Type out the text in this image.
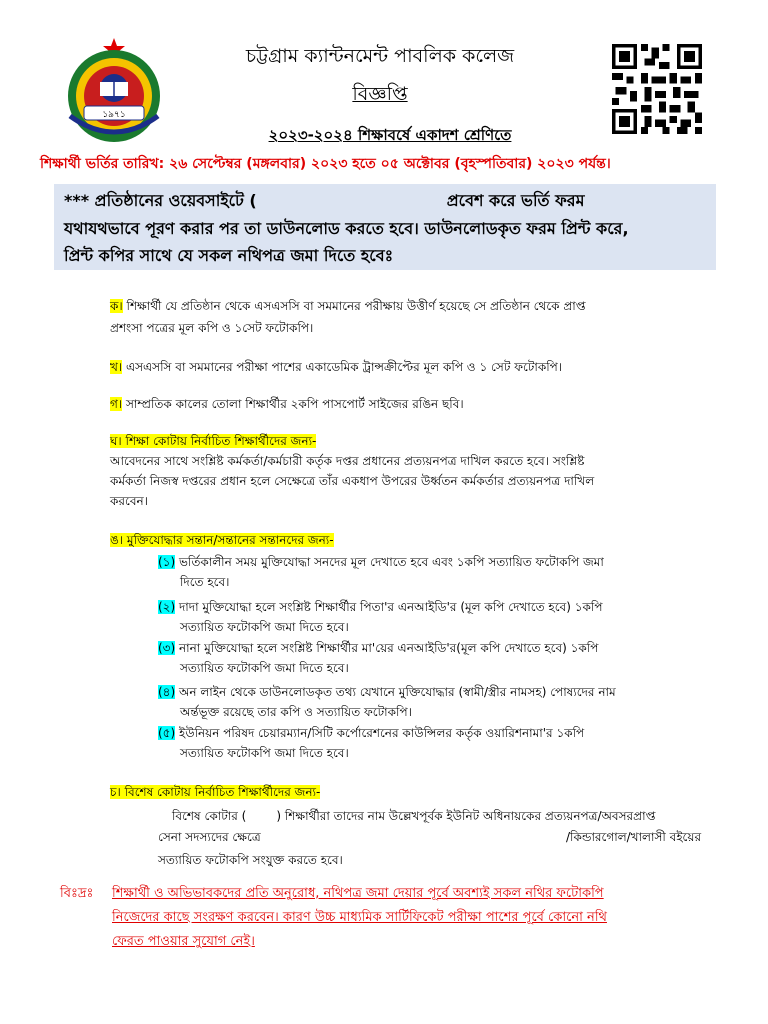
১৯৭১
চট্টগ্রাম ক্যান্টনমেন্ট পাবলিক কলেজ
বিজ্ঞপ্তি
২০২৩-২০২৪ শিক্ষাবর্ষে একাদশ শ্রেণিতে
শিক্ষার্থী ভর্তির তারিখ: ২৬ সেপ্টেম্বর (মঙ্গলবার) ২০২৩ হতে ০৫ অক্টোবর (বৃহস্পতিবার) ২০২৩ পর্যন্ত।
*** প্রতিষ্ঠানের ওয়েবসাইটে (	প্রবেশ করে ভর্তি ফরম
যথাযথভাবে পূরণ করার পর তা ডাউনলোড করতে হবে। ডাউনলোডকৃত ফরম প্রিন্ট করে,
প্রিন্ট কপির সাথে যে সকল নথিপত্র জমা দিতে হবেঃ
ক। শিক্ষার্থী যে প্রতিষ্ঠান থেকে এসএসসি বা সমমানের পরীক্ষায় উত্তীর্ণ হয়েছে সে প্রতিষ্ঠান থেকে প্রাপ্ত
প্রশংসা পত্রের মূল কপি ও ১সেট ফটোকপি।
খ। এসএসসি বা সমমানের পরীক্ষা পাশের একাডেমিক ট্রান্সক্রীপ্টের মূল কপি ও ১ সেট ফটোকপি।
গ। সাম্প্রতিক কালের তোলা শিক্ষার্থীর ২কপি পাসপোর্ট সাইজের রঙিন ছবি।
ঘ। শিক্ষা কোটায় নির্বাচিত শিক্ষার্থীদের জন্য-
আবেদনের সাথে সংশ্লিষ্ট কর্মকর্তা/কর্মচারী কর্তৃক দপ্তর প্রধানের প্রত্যয়নপত্র দাখিল করতে হবে। সংশ্লিষ্ট
কর্মকর্তা নিজস্ব দপ্তরের প্রধান হলে সেক্ষেত্রে তাঁর একধাপ উপরের উর্ধ্বতন কর্মকর্তার প্রত্যয়নপত্র দাখিল
করবেন।
ঙ। মুক্তিযোদ্ধার সন্তান/সন্তানের সন্তানদের জন্য-
(১) ভর্তিকালীন সময় মুক্তিযোদ্ধা সনদের মূল দেখাতে হবে এবং ১কপি সত্যায়িত ফটোকপি জমা
দিতে হবে।
(২) দাদা মুক্তিযোদ্ধা হলে সংশ্লিষ্ট শিক্ষার্থীর পিতা'র এনআইডি'র (মূল কপি দেখাতে হবে) ১কপি
সত্যায়িত ফটোকপি জমা দিতে হবে।
(৩) নানা মুক্তিযোদ্ধা হলে সংশ্লিষ্ট শিক্ষার্থীর মা'য়ের এনআইডি'র(মূল কপি দেখাতে হবে) ১কপি
সত্যায়িত ফটোকপি জমা দিতে হবে।
(৪) অন লাইন থেকে ডাউনলোডকৃত তথ্য যেখানে মুক্তিযোদ্ধার (স্বামী/স্ত্রীর নামসহ) পোষ্যদের নাম
অর্ন্তভূক্ত রয়েছে তার কপি ও সত্যায়িত ফটোকপি।
(৫) ইউনিয়ন পরিষদ চেয়ারম্যান/সিটি কর্পোরেশনের কাউন্সিলর কর্তৃক ওয়ারিশনামা'র ১কপি
সত্যায়িত ফটোকপি জমা দিতে হবে।
চ। বিশেষ কোটায় নির্বাচিত শিক্ষার্থীদের জন্য-
বিশেষ কোটার (	) শিক্ষার্থীরা তাদের নাম উল্লেখপূর্বক ইউনিট অধিনায়কের প্রত্যয়নপত্র/অবসরপ্রাপ্ত
সেনা সদস্যদের ক্ষেত্রে	/কিন্ডারগোল/খালাসী বইয়ের
সত্যায়িত ফটোকপি সংযুক্ত করতে হবে।
বিঃদ্রঃ শিক্ষার্থী ও অভিভাবকদের প্রতি অনুরোধ, নথিপত্র জমা দেয়ার পূর্বে অবশ্যই সকল নথির ফটোকপি
নিজেদের কাছে সংরক্ষণ করবেন। কারণ উচ্চ মাধ্যমিক সার্টিফিকেট পরীক্ষা পাশের পূর্বে কোনো নথি
ফেরত পাওয়ার সুযোগ নেই।
